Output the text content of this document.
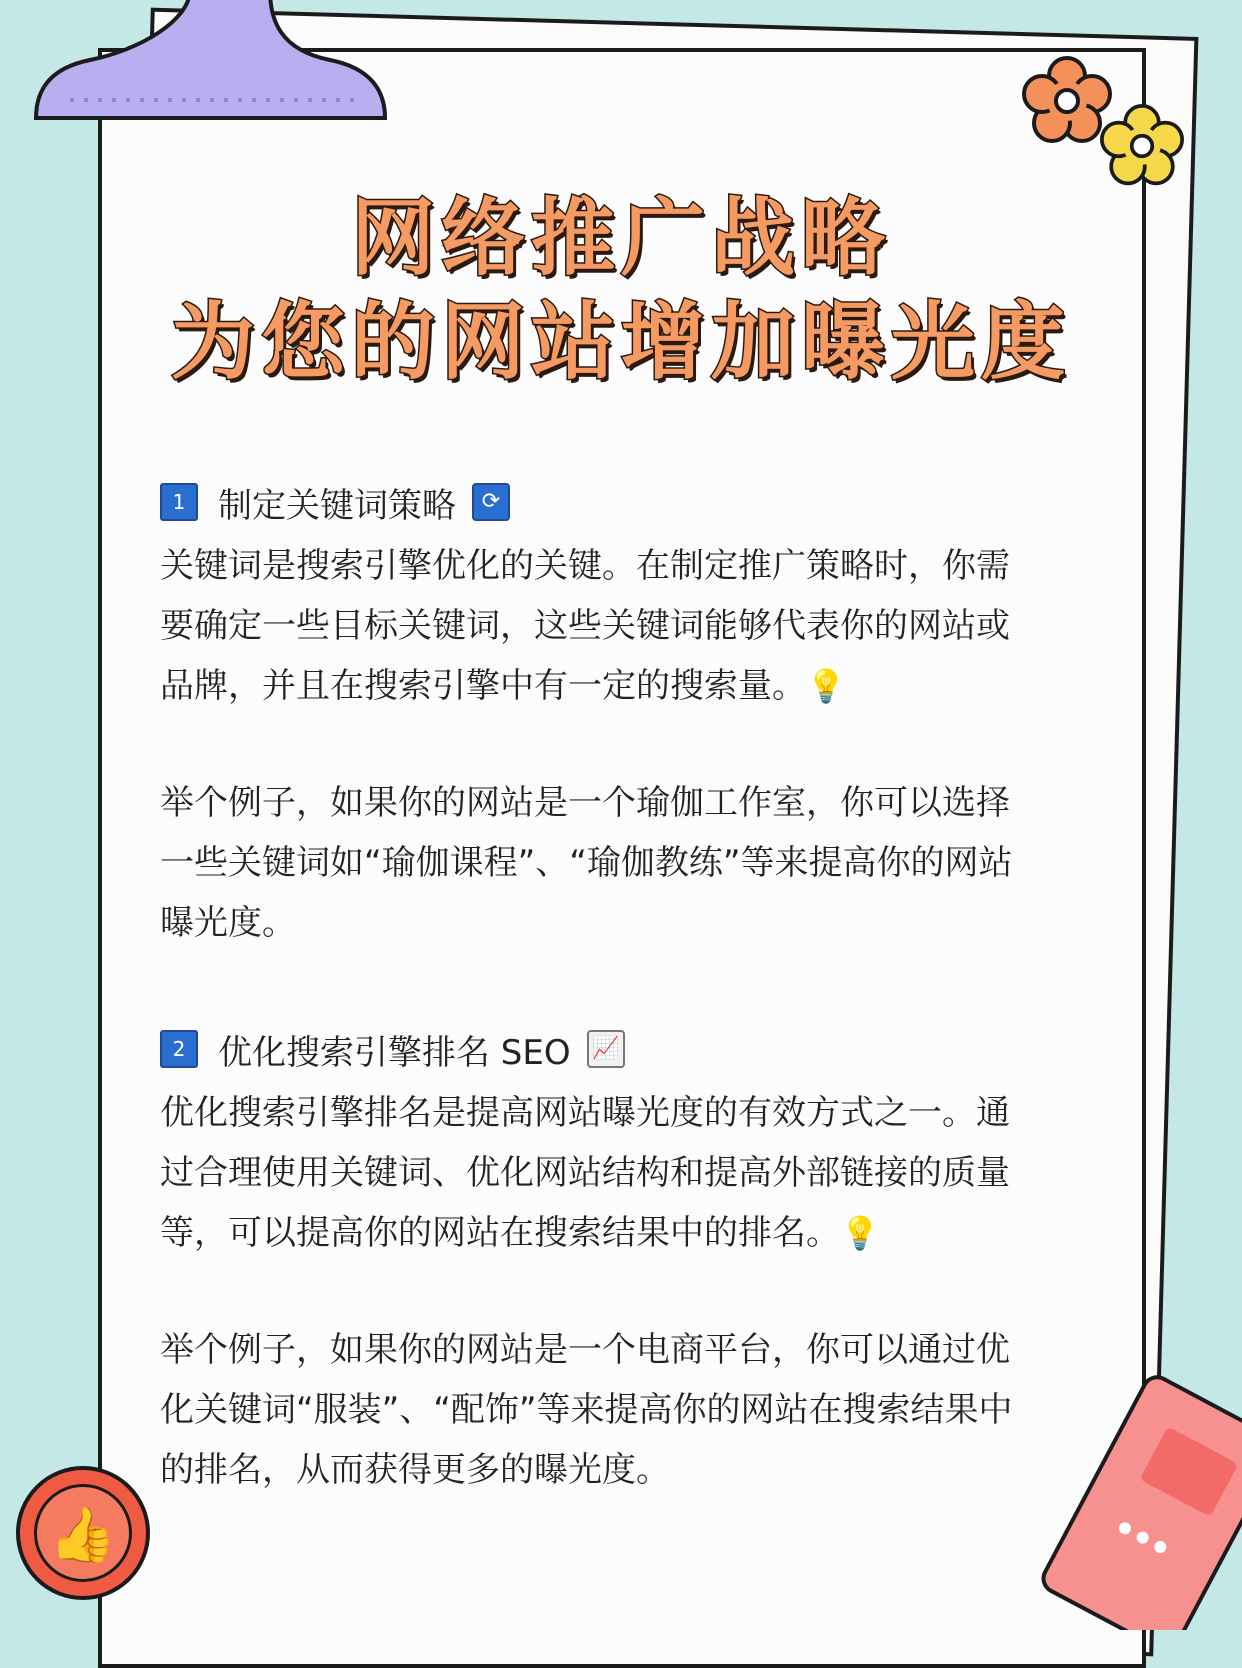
网络推广战略
为您的网站增加曝光度
1 制定关键词策略	⟳

关键词是搜索引擎优化的关键。在制定推广策略时，你需
要确定一些目标关键词，这些关键词能够代表你的网站或
品牌，并且在搜索引擎中有一定的搜索量。💡

举个例子，如果你的网站是一个瑜伽工作室，你可以选择
一些关键词如“瑜伽课程”、“瑜伽教练”等来提高你的网站
曝光度。

2 优化搜索引擎排名 SEO 📈

优化搜索引擎排名是提高网站曝光度的有效方式之一。通
过合理使用关键词、优化网站结构和提高外部链接的质量
等，可以提高你的网站在搜索结果中的排名。💡

举个例子，如果你的网站是一个电商平台，你可以通过优
化关键词“服装”、“配饰”等来提高你的网站在搜索结果中
的排名，从而获得更多的曝光度。

👍
